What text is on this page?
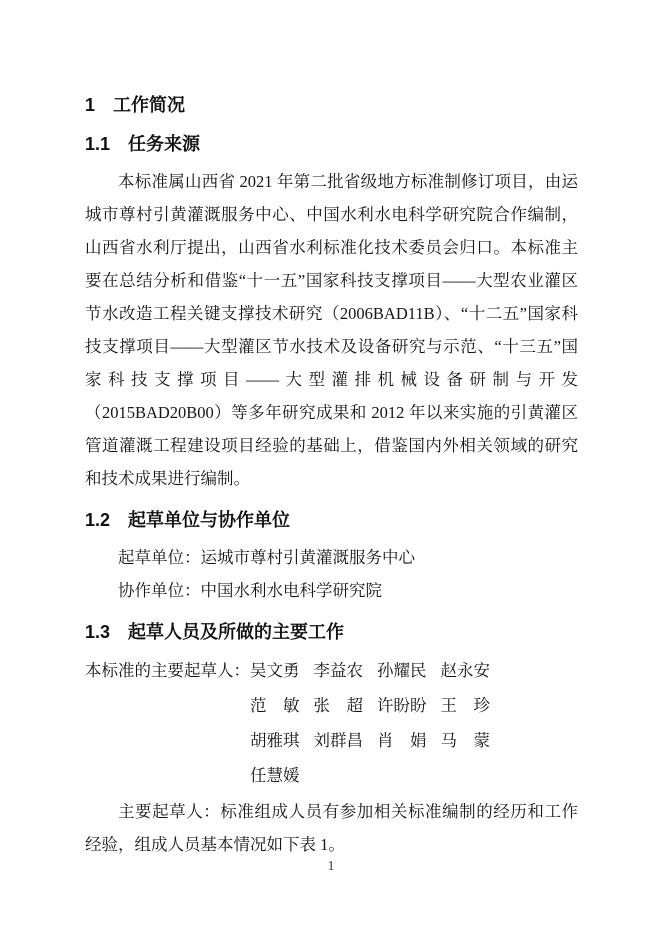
1　工作简况
1.1　任务来源

本标准属山西省 2021 年第二批省级地方标准制修订项目，由运城市尊村引黄灌溉服务中心、中国水利水电科学研究院合作编制，山西省水利厅提出，山西省水利标准化技术委员会归口。本标准主要在总结分析和借鉴“十一五”国家科技支撑项目——大型农业灌区节水改造工程关键支撑技术研究（2006BAD11B）、“十二五”国家科技支撑项目——大型灌区节水技术及设备研究与示范、“十三五”国家科技支撑项目——大型灌排机械设备研制与开发（2015BAD20B00）等多年研究成果和 2012 年以来实施的引黄灌区管道灌溉工程建设项目经验的基础上，借鉴国内外相关领域的研究和技术成果进行编制。

1.2　起草单位与协作单位

起草单位：运城市尊村引黄灌溉服务中心

协作单位：中国水利水电科学研究院

1.3　起草人员及所做的主要工作
本标准的主要起草人： 吴文勇 李益农 孙耀民 赵永安
范　敏 张　超 许盼盼 王　珍
胡雅琪 刘群昌 肖　娟 马　蒙
任慧媛

主要起草人：标准组成人员有参加相关标准编制的经历和工作经验，组成人员基本情况如下表 1。

1
